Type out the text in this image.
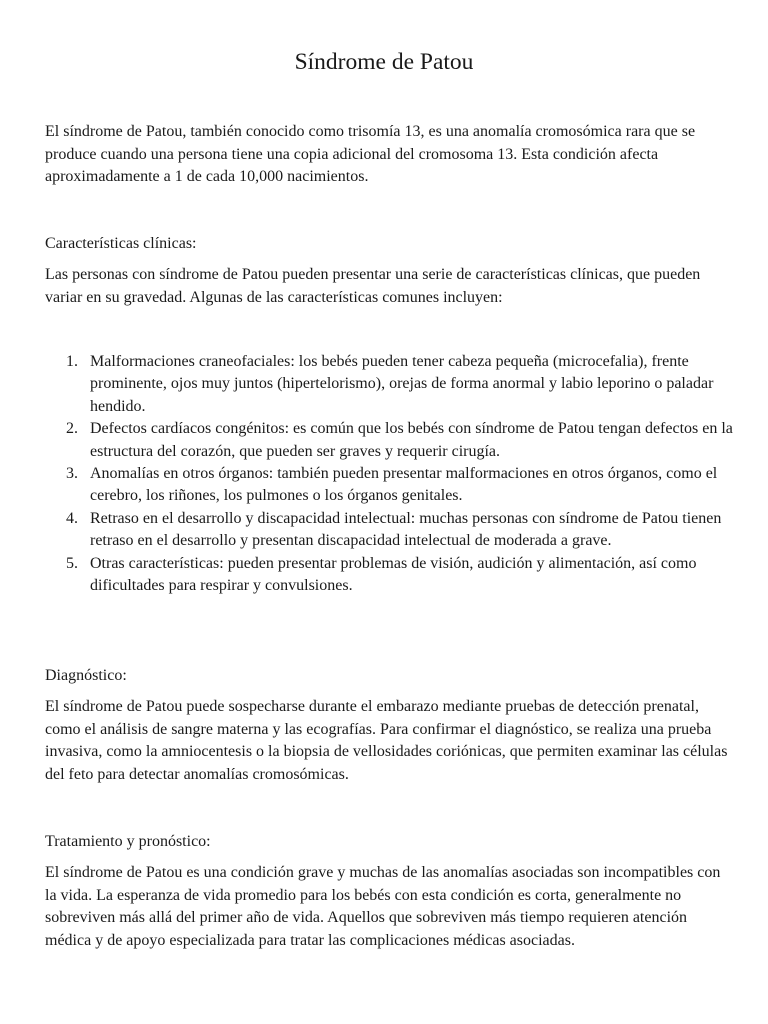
Síndrome de Patou

El síndrome de Patou, también conocido como trisomía 13, es una anomalía cromosómica rara que se produce cuando una persona tiene una copia adicional del cromosoma 13. Esta condición afecta aproximadamente a 1 de cada 10,000 nacimientos.

Características clínicas:

Las personas con síndrome de Patou pueden presentar una serie de características clínicas, que pueden variar en su gravedad. Algunas de las características comunes incluyen:

1. Malformaciones craneofaciales: los bebés pueden tener cabeza pequeña (microcefalia), frente prominente, ojos muy juntos (hipertelorismo), orejas de forma anormal y labio leporino o paladar hendido.
2. Defectos cardíacos congénitos: es común que los bebés con síndrome de Patou tengan defectos en la estructura del corazón, que pueden ser graves y requerir cirugía.
3. Anomalías en otros órganos: también pueden presentar malformaciones en otros órganos, como el cerebro, los riñones, los pulmones o los órganos genitales.
4. Retraso en el desarrollo y discapacidad intelectual: muchas personas con síndrome de Patou tienen retraso en el desarrollo y presentan discapacidad intelectual de moderada a grave.
5. Otras características: pueden presentar problemas de visión, audición y alimentación, así como dificultades para respirar y convulsiones.

Diagnóstico:

El síndrome de Patou puede sospecharse durante el embarazo mediante pruebas de detección prenatal, como el análisis de sangre materna y las ecografías. Para confirmar el diagnóstico, se realiza una prueba invasiva, como la amniocentesis o la biopsia de vellosidades coriónicas, que permiten examinar las células del feto para detectar anomalías cromosómicas.

Tratamiento y pronóstico:

El síndrome de Patou es una condición grave y muchas de las anomalías asociadas son incompatibles con la vida. La esperanza de vida promedio para los bebés con esta condición es corta, generalmente no sobreviven más allá del primer año de vida. Aquellos que sobreviven más tiempo requieren atención médica y de apoyo especializada para tratar las complicaciones médicas asociadas.
